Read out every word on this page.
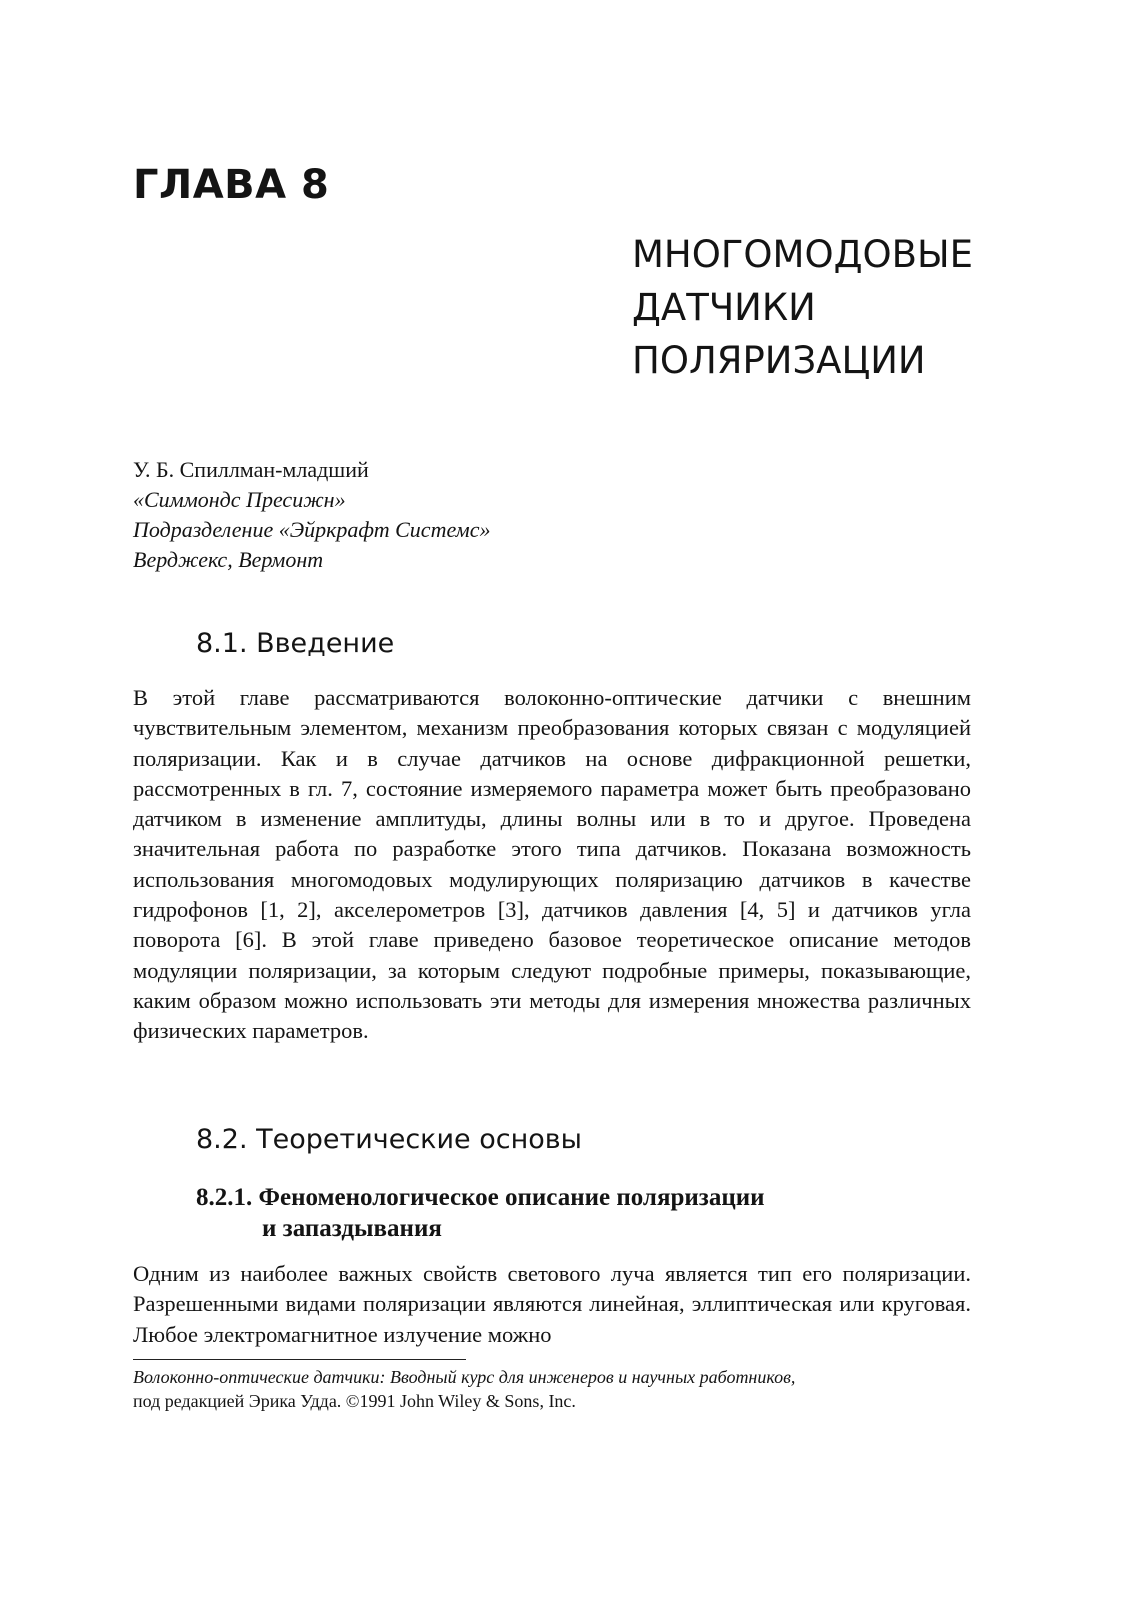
ГЛАВА 8
МНОГОМОДОВЫЕ
ДАТЧИКИ
ПОЛЯРИЗАЦИИ
У. Б. Спиллман-младший
«Симмондс Пресижн»
Подразделение «Эйркрафт Системс»
Верджекс, Вермонт
8.1. Введение

В этой главе рассматриваются волоконно-оптические датчики с внешним чувствительным элементом, механизм преобразования которых связан с модуляцией поляризации. Как и в случае датчиков на основе дифракционной решетки, рассмотренных в гл. 7, состояние измеряемого параметра может быть преобразовано датчиком в изменение амплитуды, длины волны или в то и другое. Проведена значительная работа по разработке этого типа датчиков. Показана возможность использования многомодовых модулирующих поляризацию датчиков в качестве гидрофонов [1, 2], акселерометров [3], датчиков давления [4, 5] и датчиков угла поворота [6]. В этой главе приведено базовое теоретическое описание методов модуляции поляризации, за которым следуют подробные примеры, показывающие, каким образом можно использовать эти методы для измерения множества различных физических параметров.

8.2. Теоретические основы
8.2.1. Феноменологическое описание поляризации
и запаздывания

Одним из наиболее важных свойств светового луча является тип его поляризации. Разрешенными видами поляризации являются линейная, эллиптическая или круговая. Любое электромагнитное излучение можно

Волоконно-оптические датчики: Вводный курс для инженеров и научных работников,
под редакцией Эрика Удда. ©1991 John Wiley & Sons, Inc.
